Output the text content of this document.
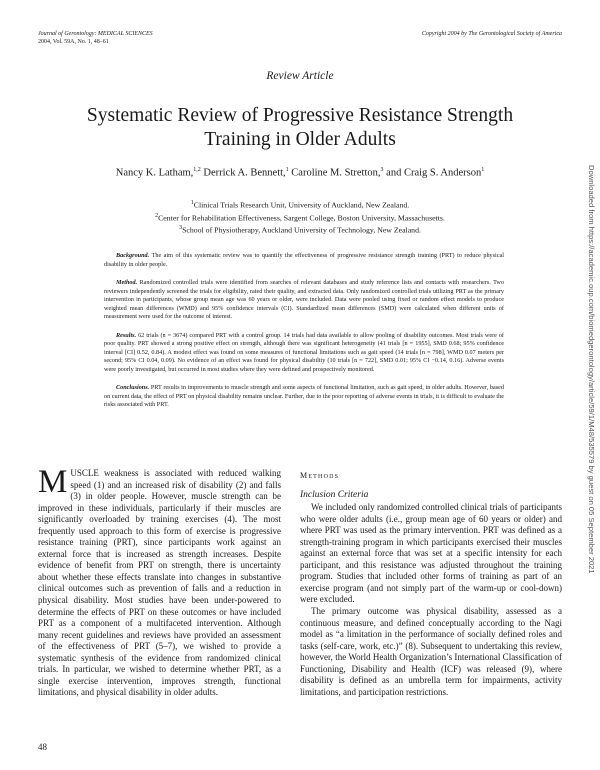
Journal of Gerontology: MEDICAL SCIENCES
2004, Vol. 59A, No. 1, 48–61
Copyright 2004 by The Gerontological Society of America
Review Article
Systematic Review of Progressive Resistance Strength
Training in Older Adults
Nancy K. Latham,$^{1,2}$ Derrick A. Bennett,$^1$ Caroline M. Stretton,$^3$ and Craig S. Anderson$^1$
$^1$Clinical Trials Research Unit, University of Auckland, New Zealand.
$^2$Center for Rehabilitation Effectiveness, Sargent College, Boston University, Massachusetts.
$^3$School of Physiotherapy, Auckland University of Technology, New Zealand.

Background. The aim of this systematic review was to quantify the effectiveness of progressive resistance strength training (PRT) to reduce physical disability in older people.

Method. Randomized controlled trials were identified from searches of relevant databases and study reference lists and contacts with researchers. Two reviewers independently screened the trials for eligibility, rated their quality, and extracted data. Only randomized controlled trials utilizing PRT as the primary intervention in participants, whose group mean age was 60 years or older, were included. Data were pooled using fixed or random effect models to produce weighted mean differences (WMD) and 95% confidence intervals (CI). Standardized mean differences (SMD) were calculated when different units of measurement were used for the outcome of interest.

Results. 62 trials (n = 3674) compared PRT with a control group. 14 trials had data available to allow pooling of disability outcomes. Most trials were of poor quality. PRT showed a strong positive effect on strength, although there was significant heterogeneity (41 trials [n = 1955], SMD 0.68; 95% confidence interval [CI] 0.52, 0.84). A modest effect was found on some measures of functional limitations such as gait speed (14 trials [n = 798], WMD 0.07 meters per second; 95% CI 0.04, 0.09). No evidence of an effect was found for physical disability (10 trials [n = 722], SMD 0.01; 95% CI −0.14, 0.16). Adverse events were poorly investigated, but occurred in most studies where they were defined and prospectively monitored.

Conclusions. PRT results in improvements to muscle strength and some aspects of functional limitation, such as gait speed, in older adults. However, based on current data, the effect of PRT on physical disability remains unclear. Further, due to the poor reporting of adverse events in trials, it is difficult to evaluate the risks associated with PRT.

MUSCLE weakness is associated with reduced walking speed (1) and an increased risk of disability (2) and falls (3) in older people. However, muscle strength can be improved in these individuals, particularly if their muscles are significantly overloaded by training exercises (4). The most frequently used approach to this form of exercise is progressive resistance training (PRT), since participants work against an external force that is increased as strength increases. Despite evidence of benefit from PRT on strength, there is uncertainty about whether these effects translate into changes in substantive clinical outcomes such as prevention of falls and a reduction in physical disability. Most studies have been under-powered to determine the effects of PRT on these outcomes or have included PRT as a component of a multifaceted intervention. Although many recent guidelines and reviews have provided an assessment of the effectiveness of PRT (5–7), we wished to provide a systematic synthesis of the evidence from randomized clinical trials. In particular, we wished to determine whether PRT, as a single exercise intervention, improves strength, functional limitations, and physical disability in older adults.

Methods
Inclusion Criteria

We included only randomized controlled clinical trials of participants who were older adults (i.e., group mean age of 60 years or older) and where PRT was used as the primary intervention. PRT was defined as a strength-training program in which participants exercised their muscles against an external force that was set at a specific intensity for each participant, and this resistance was adjusted throughout the training program. Studies that included other forms of training as part of an exercise program (and not simply part of the warm-up or cool-down) were excluded.

The primary outcome was physical disability, assessed as a continuous measure, and defined conceptually according to the Nagi model as “a limitation in the performance of socially defined roles and tasks (self-care, work, etc.)” (8). Subsequent to undertaking this review, however, the World Health Organization’s International Classification of Functioning, Disability and Health (ICF) was released (9), where disability is defined as an umbrella term for impairments, activity limitations, and participation restrictions.

48
Downloaded from https://academic.oup.com/biomedgerontology/article/59/1/M48/535579 by guest on 05 September 2021
